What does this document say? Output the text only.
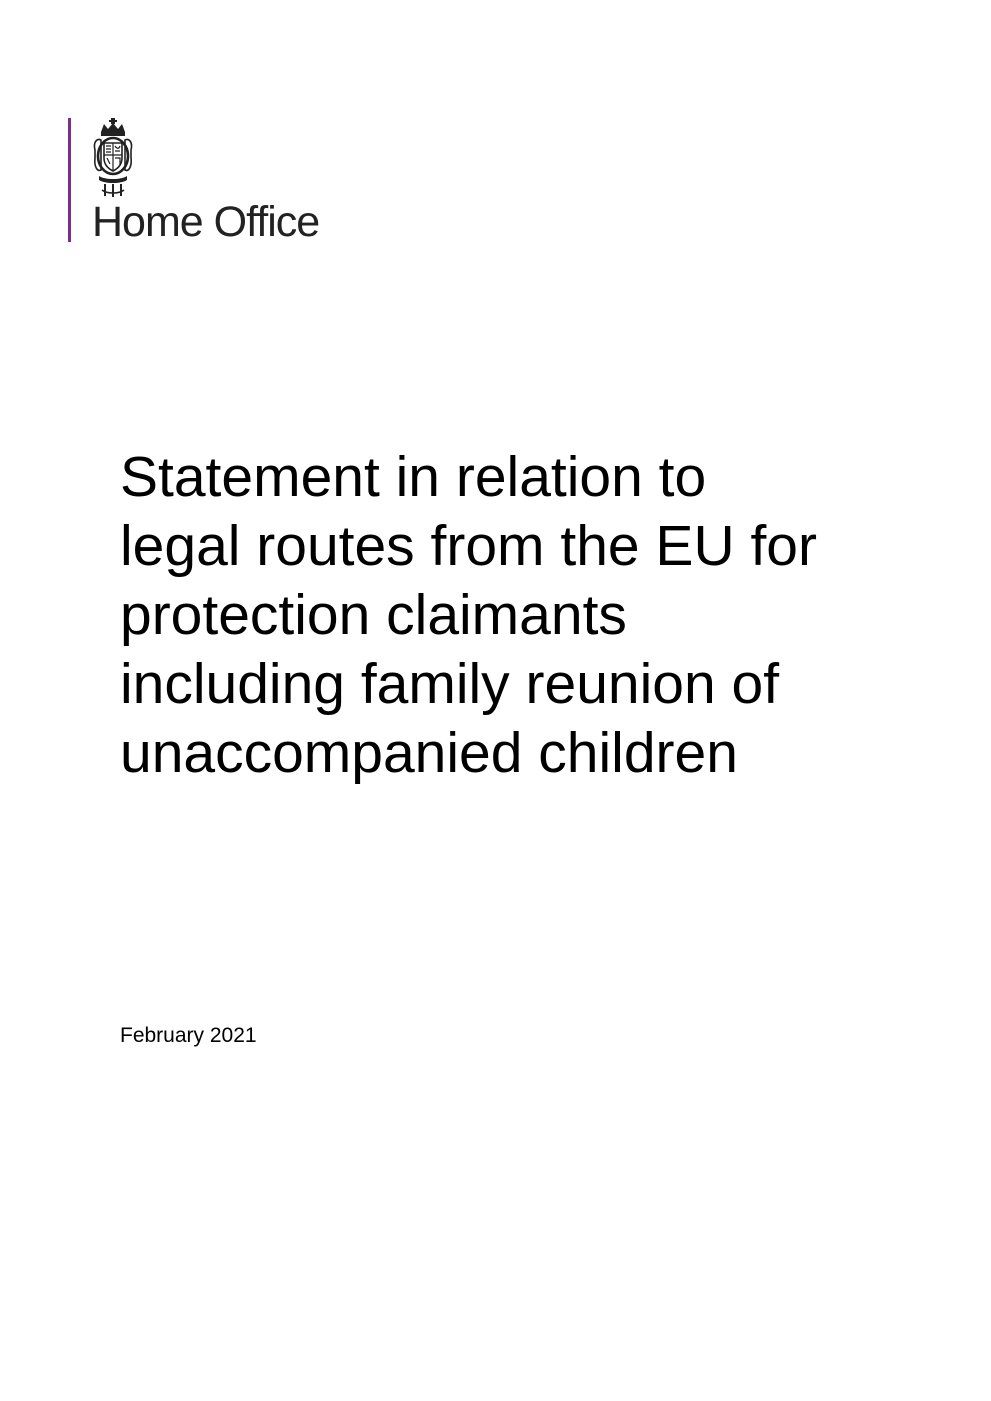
Home Office
Statement in relation to
legal routes from the EU for
protection claimants
including family reunion of
unaccompanied children
February 2021
